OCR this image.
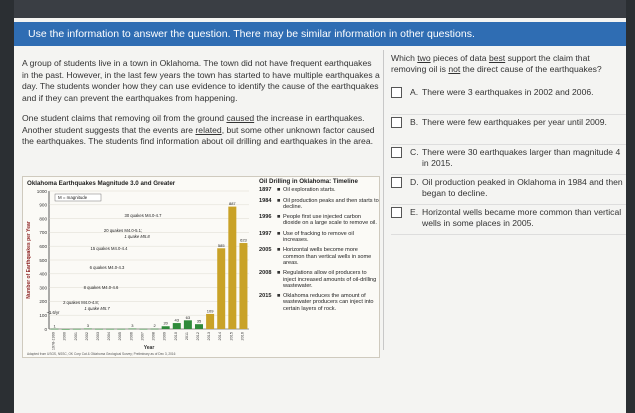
Use the information to answer the question. There may be similar information in other questions.

A group of students live in a town in Oklahoma. The town did not have frequent earthquakes in the past. However, in the last few years the town has started to have multiple earthquakes a day. The students wonder how they can use evidence to identify the cause of the earthquakes and if they can prevent the earthquakes from happening.

One student claims that removing oil from the ground caused the increase in earthquakes. Another student suggests that the events are related, but some other unknown factor caused the earthquakes. The students find information about oil drilling and earthquakes in the area.

Oklahoma Earthquakes Magnitude 3.0 and Greater
0
100
200
300
400
500
600
700
800
900
1000
Number of Earthquakes per Year
1
1978-1999 2000 2001
3
2002 2003 2004 2005
3
2006 2007
2
2008
20
2009
43
2010
63
2011
35
2012
109
2013
585
2014
887
2015
623
2016
Year
Adapted from USGS, NSSC, OK Corp Cat & Oklahoma Geological Survey; Preliminary as of Dec 3, 2016
M = magnitude
30 quakes M4.0-4.7
20 quakes M4.0-5.1;
1 quake M5.8
15 quakes M4.0-4.4
6 quakes M4.0-4.3
8 quakes M4.0-4.6
2 quakes M4.0-4.8;
1 quake M5.7
~1.6/yr
Oil Drilling in Oklahoma: Timeline
1897 ■ Oil exploration starts.
1984 ■ Oil production peaks and then starts to decline.
1996 ■ People first use injected carbon dioxide on a large scale to remove oil.
1997 ■ Use of fracking to remove oil increases.
2005 ■ Horizontal wells become more common than vertical wells in some areas.
2008 ■ Regulations allow oil producers to inject increased amounts of oil-drilling wastewater.
2015 ■ Oklahoma reduces the amount of wastewater producers can inject into certain layers of rock.
Which two pieces of data best support the claim that removing oil is not the direct cause of the earthquakes?
A. There were 3 earthquakes in 2002 and 2006.
B. There were few earthquakes per year until 2009.
C. There were 30 earthquakes larger than magnitude 4 in 2015.
D. Oil production peaked in Oklahoma in 1984 and then began to decline.
E. Horizontal wells became more common than vertical wells in some places in 2005.
